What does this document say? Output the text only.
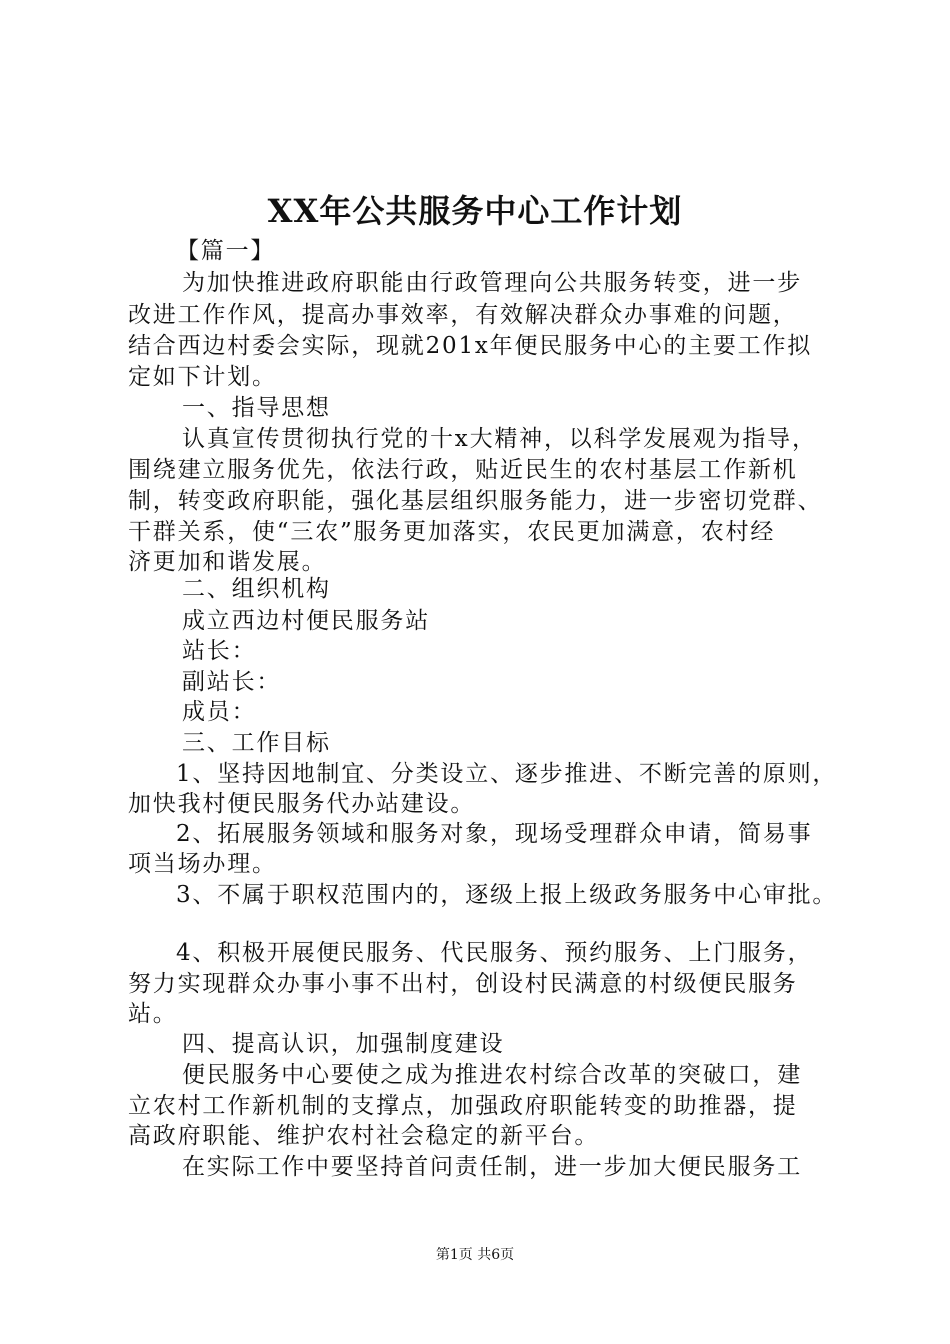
XX年公共服务中心工作计划
【篇一】
为加快推进政府职能由行政管理向公共服务转变，进一步
改进工作作风，提高办事效率，有效解决群众办事难的问题，
结合西边村委会实际，现就201x年便民服务中心的主要工作拟
定如下计划。
一、指导思想
认真宣传贯彻执行党的十x大精神，以科学发展观为指导，
围绕建立服务优先，依法行政，贴近民生的农村基层工作新机
制，转变政府职能，强化基层组织服务能力，进一步密切党群、
干群关系，使“三农”服务更加落实，农民更加满意，农村经
济更加和谐发展。
二、组织机构
成立西边村便民服务站
站长：
副站长：
成员：
三、工作目标
1、坚持因地制宜、分类设立、逐步推进、不断完善的原则，
加快我村便民服务代办站建设。
2、拓展服务领域和服务对象，现场受理群众申请，简易事
项当场办理。
3、不属于职权范围内的，逐级上报上级政务服务中心审批。
4、积极开展便民服务、代民服务、预约服务、上门服务，
努力实现群众办事小事不出村，创设村民满意的村级便民服务
站。
四、提高认识，加强制度建设
便民服务中心要使之成为推进农村综合改革的突破口，建
立农村工作新机制的支撑点，加强政府职能转变的助推器，提
高政府职能、维护农村社会稳定的新平台。
在实际工作中要坚持首问责任制，进一步加大便民服务工
第1页 共6页
